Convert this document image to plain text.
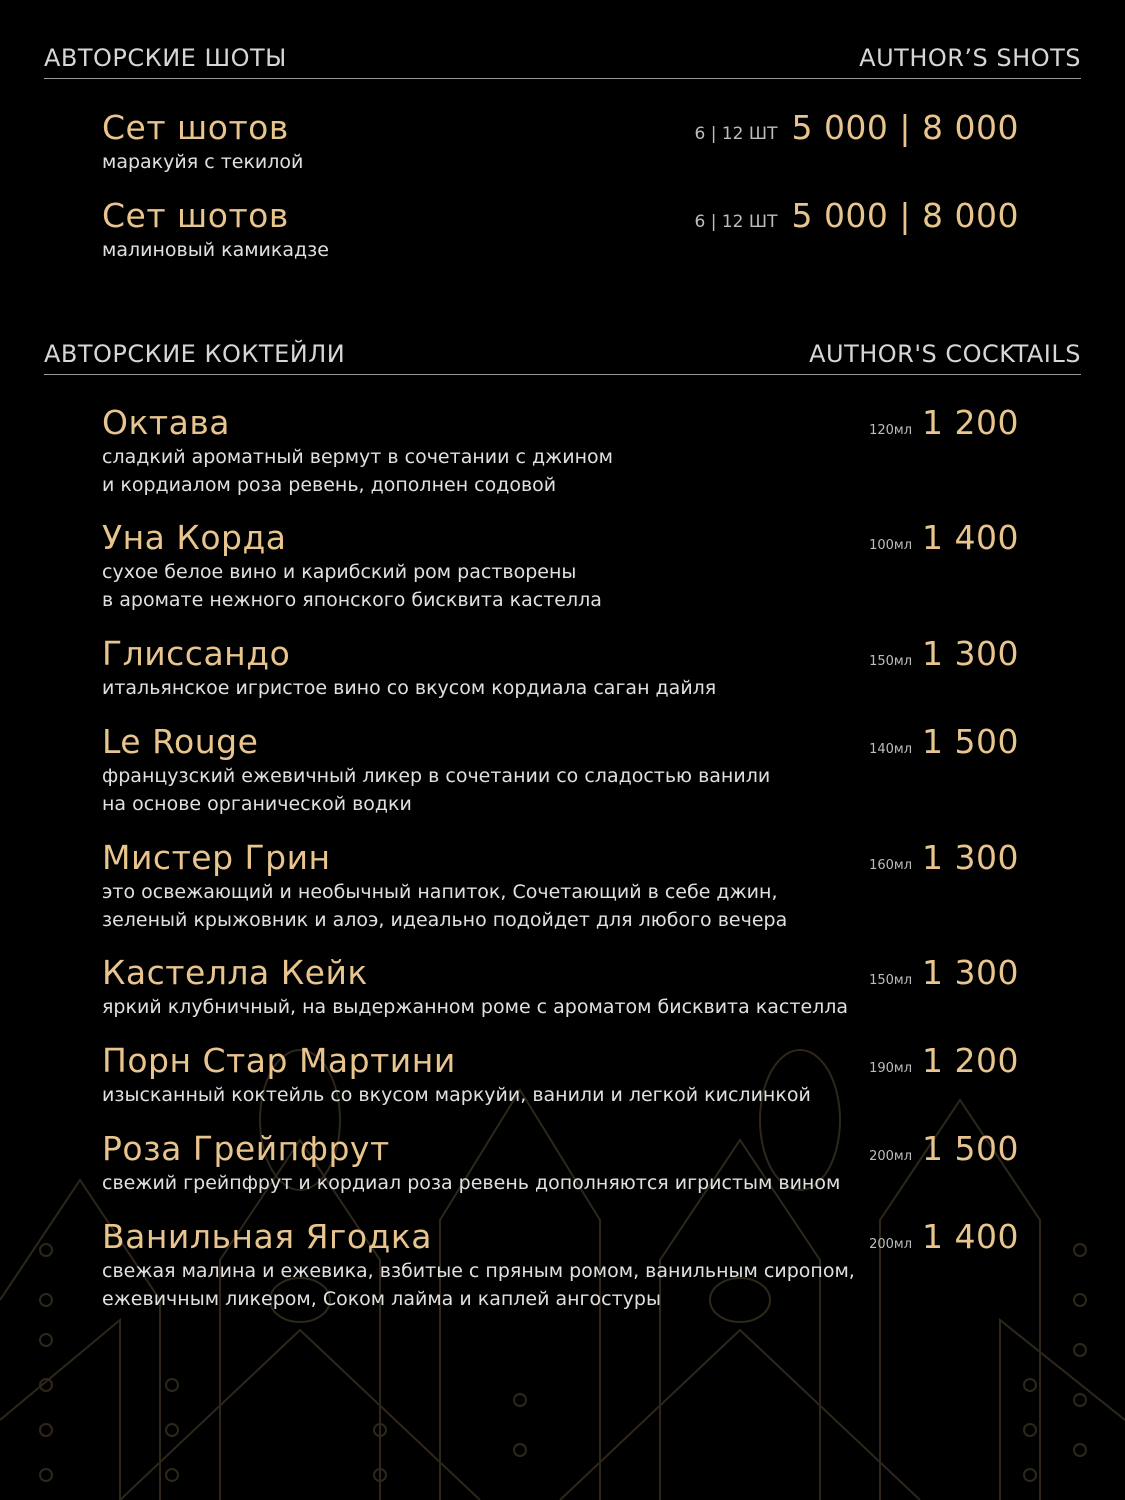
АВТОРСКИЕ ШОТЫ	AUTHOR’S SHOTS
Сет шотов	6 | 12 ШТ 5 000 | 8 000
маракуйя с текилой
Сет шотов	6 | 12 ШТ 5 000 | 8 000
малиновый камикадзе
АВТОРСКИЕ КОКТЕЙЛИ	AUTHOR'S COCKTAILS
Октава	120мл 1 200
сладкий ароматный вермут в сочетании с джином
и кордиалом роза ревень, дополнен содовой
Уна Корда	100мл 1 400
сухое белое вино и карибский ром растворены
в аромате нежного японского бисквита кастелла
Глиссандо	150мл 1 300
итальянское игристое вино со вкусом кордиала саган дайля
Le Rouge	140мл 1 500
французский ежевичный ликер в сочетании со сладостью ванили
на основе органической водки
Мистер Грин	160мл 1 300
это освежающий и необычный напиток, Сочетающий в себе джин,
зеленый крыжовник и алоэ, идеально подойдет для любого вечера
Кастелла Кейк	150мл 1 300
яркий клубничный, на выдержанном роме с ароматом бисквита кастелла
Порн Стар Мартини	190мл 1 200
изысканный коктейль со вкусом маркуйи, ванили и легкой кислинкой
Роза Грейпфрут	200мл 1 500
свежий грейпфрут и кордиал роза ревень дополняются игристым вином
Ванильная Ягодка	200мл 1 400
свежая малина и ежевика, взбитые с пряным ромом, ванильным сиропом,
ежевичным ликером, Соком лайма и каплей ангостуры
